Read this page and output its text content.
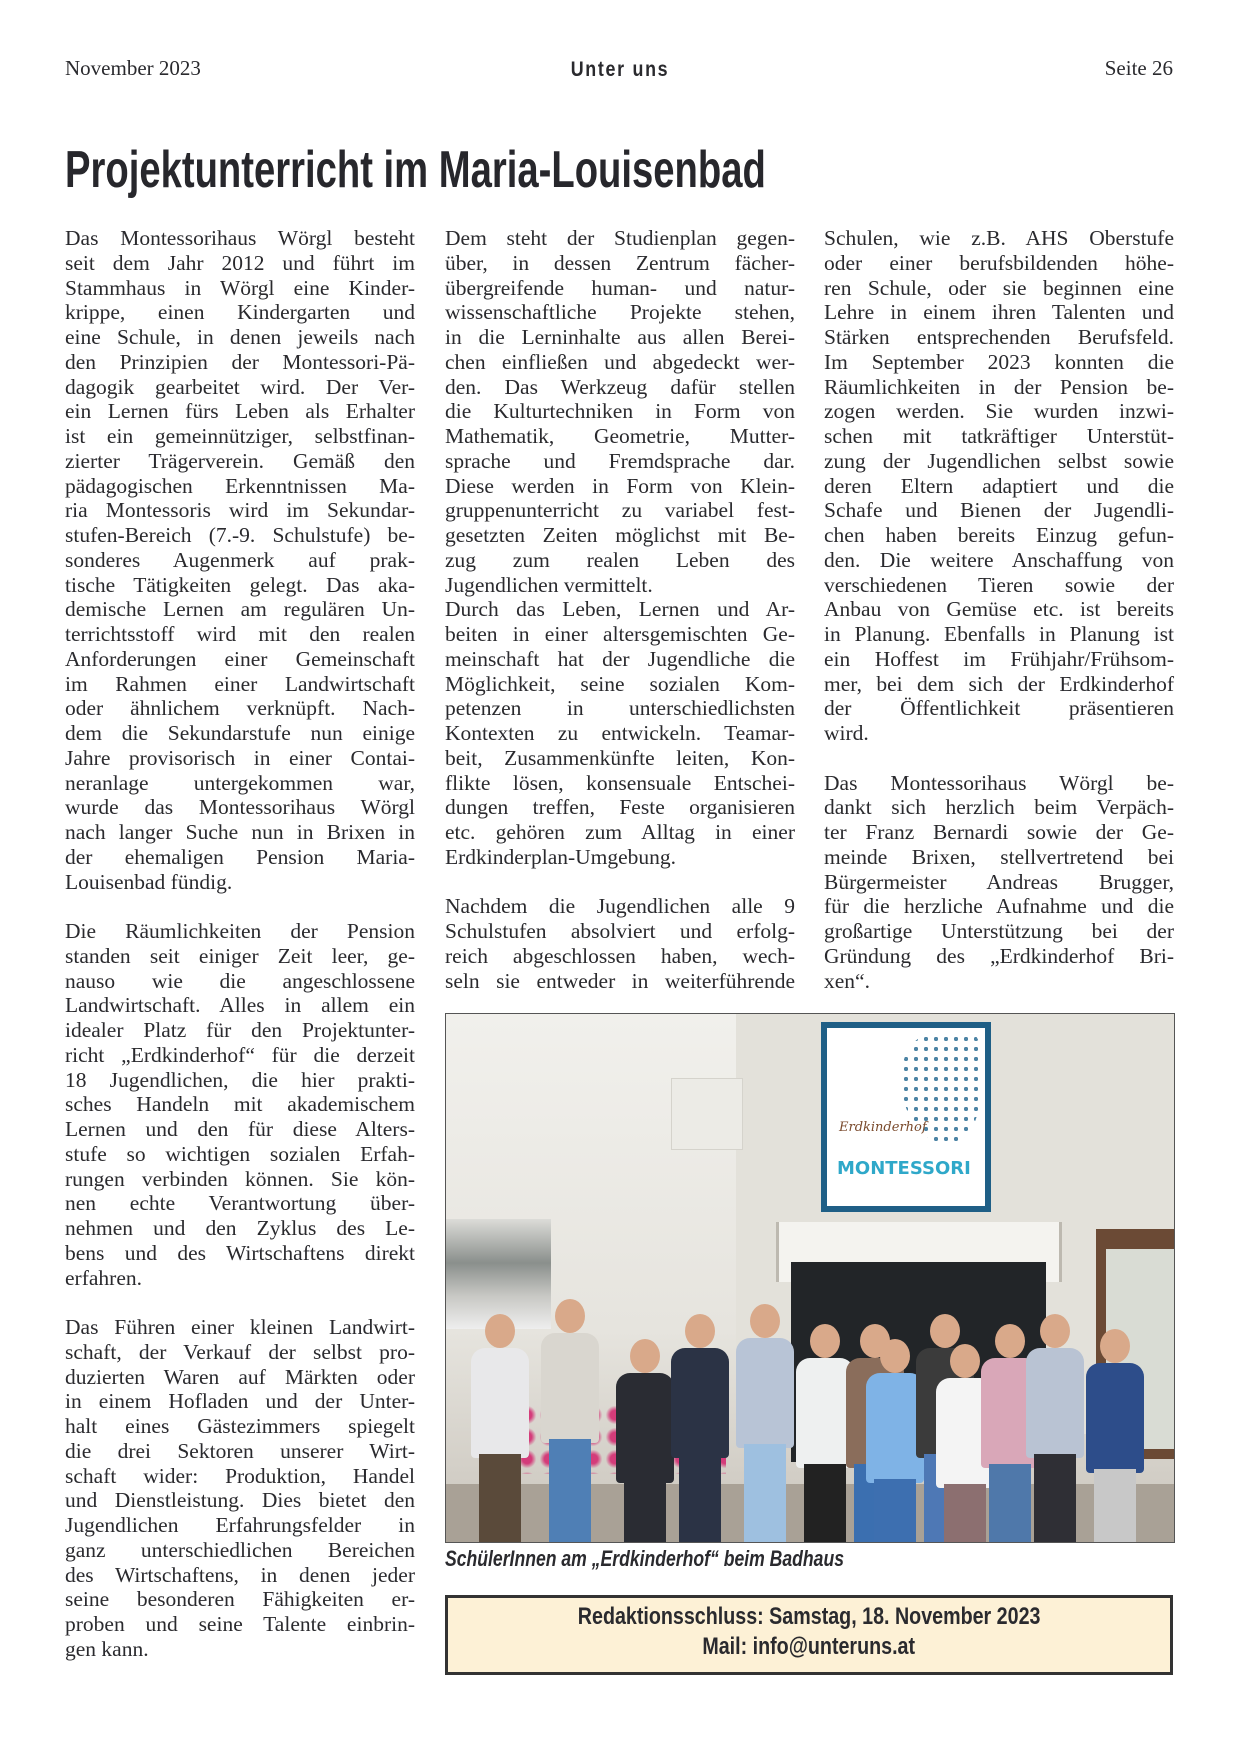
November 2023	Unter uns	Seite 26
Projektunterricht im Maria-Louisenbad
Das Montessorihaus Wörgl besteht
seit dem Jahr 2012 und führt im
Stammhaus in Wörgl eine Kinder-
krippe, einen Kindergarten und
eine Schule, in denen jeweils nach
den Prinzipien der Montessori-Pä-
dagogik gearbeitet wird. Der Ver-
ein Lernen fürs Leben als Erhalter
ist ein gemeinnütziger, selbstfinan-
zierter Trägerverein. Gemäß den
pädagogischen Erkenntnissen Ma-
ria Montessoris wird im Sekundar-
stufen-Bereich (7.-9. Schulstufe) be-
sonderes Augenmerk auf prak-
tische Tätigkeiten gelegt. Das aka-
demische Lernen am regulären Un-
terrichtsstoff wird mit den realen
Anforderungen einer Gemeinschaft
im Rahmen einer Landwirtschaft
oder ähnlichem verknüpft. Nach-
dem die Sekundarstufe nun einige
Jahre provisorisch in einer Contai-
neranlage untergekommen war,
wurde das Montessorihaus Wörgl
nach langer Suche nun in Brixen in
der ehemaligen Pension Maria-
Louisenbad fündig.
Die Räumlichkeiten der Pension
standen seit einiger Zeit leer, ge-
nauso wie die angeschlossene
Landwirtschaft. Alles in allem ein
idealer Platz für den Projektunter-
richt „Erdkinderhof“ für die derzeit
18 Jugendlichen, die hier prakti-
sches Handeln mit akademischem
Lernen und den für diese Alters-
stufe so wichtigen sozialen Erfah-
rungen verbinden können. Sie kön-
nen echte Verantwortung über-
nehmen und den Zyklus des Le-
bens und des Wirtschaftens direkt
erfahren.
Das Führen einer kleinen Landwirt-
schaft, der Verkauf der selbst pro-
duzierten Waren auf Märkten oder
in einem Hofladen und der Unter-
halt eines Gästezimmers spiegelt
die drei Sektoren unserer Wirt-
schaft wider: Produktion, Handel
und Dienstleistung. Dies bietet den
Jugendlichen Erfahrungsfelder in
ganz unterschiedlichen Bereichen
des Wirtschaftens, in denen jeder
seine besonderen Fähigkeiten er-
proben und seine Talente einbrin-
gen kann.
Dem steht der Studienplan gegen-
über, in dessen Zentrum fächer-
übergreifende human- und natur-
wissenschaftliche Projekte stehen,
in die Lerninhalte aus allen Berei-
chen einfließen und abgedeckt wer-
den. Das Werkzeug dafür stellen
die Kulturtechniken in Form von
Mathematik, Geometrie, Mutter-
sprache und Fremdsprache dar.
Diese werden in Form von Klein-
gruppenunterricht zu variabel fest-
gesetzten Zeiten möglichst mit Be-
zug zum realen Leben des
Jugendlichen vermittelt.
Durch das Leben, Lernen und Ar-
beiten in einer altersgemischten Ge-
meinschaft hat der Jugendliche die
Möglichkeit, seine sozialen Kom-
petenzen in unterschiedlichsten
Kontexten zu entwickeln. Teamar-
beit, Zusammenkünfte leiten, Kon-
flikte lösen, konsensuale Entschei-
dungen treffen, Feste organisieren
etc. gehören zum Alltag in einer
Erdkinderplan-Umgebung.
Nachdem die Jugendlichen alle 9
Schulstufen absolviert und erfolg-
reich abgeschlossen haben, wech-
seln sie entweder in weiterführende
Schulen, wie z.B. AHS Oberstufe
oder einer berufsbildenden höhe-
ren Schule, oder sie beginnen eine
Lehre in einem ihren Talenten und
Stärken entsprechenden Berufsfeld.
Im September 2023 konnten die
Räumlichkeiten in der Pension be-
zogen werden. Sie wurden inzwi-
schen mit tatkräftiger Unterstüt-
zung der Jugendlichen selbst sowie
deren Eltern adaptiert und die
Schafe und Bienen der Jugendli-
chen haben bereits Einzug gefun-
den. Die weitere Anschaffung von
verschiedenen Tieren sowie der
Anbau von Gemüse etc. ist bereits
in Planung. Ebenfalls in Planung ist
ein Hoffest im Frühjahr/Frühsom-
mer, bei dem sich der Erdkinderhof
der Öffentlichkeit präsentieren
wird.
Das Montessorihaus Wörgl be-
dankt sich herzlich beim Verpäch-
ter Franz Bernardi sowie der Ge-
meinde Brixen, stellvertretend bei
Bürgermeister Andreas Brugger,
für die herzliche Aufnahme und die
großartige Unterstützung bei der
Gründung des „Erdkinderhof Bri-
xen“.
Erdkinderhof
MONTESSORI
SchülerInnen am „Erdkinderhof“ beim Badhaus
Redaktionsschluss: Samstag, 18. November 2023
Mail: info@unteruns.at
